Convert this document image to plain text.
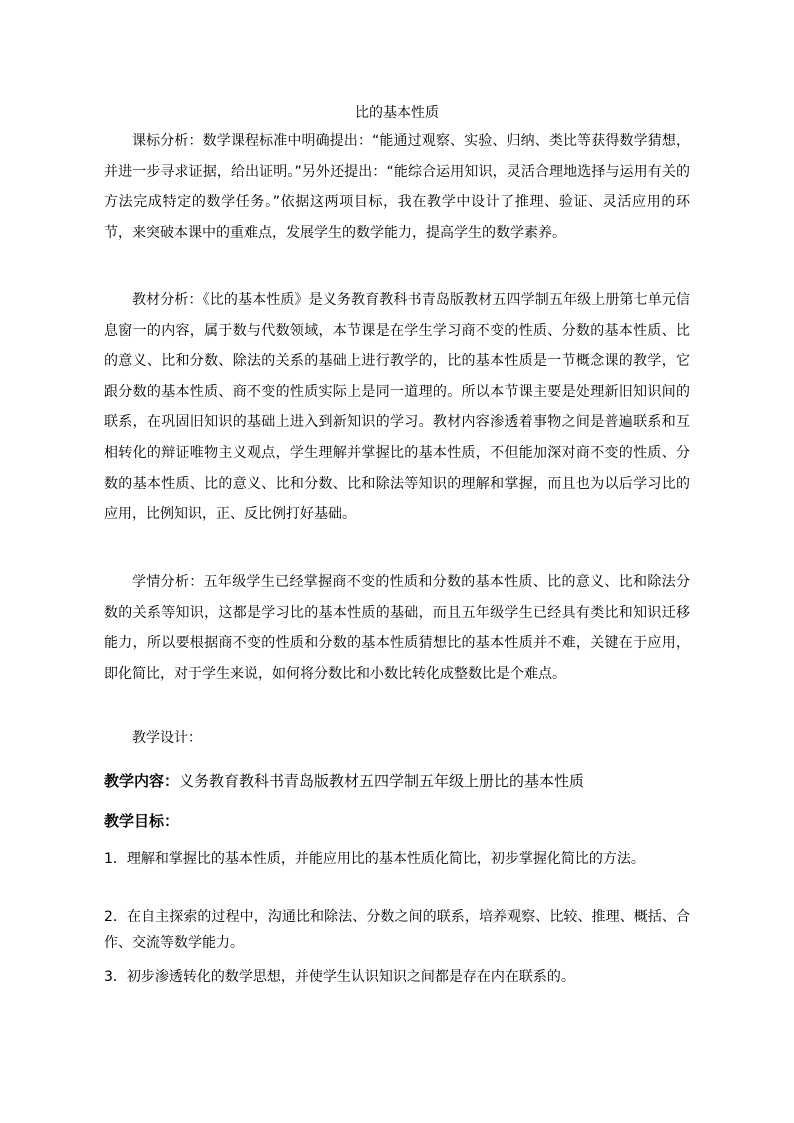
比的基本性质
课标分析：数学课程标准中明确提出：“能通过观察、实验、归纳、类比等获得数学猜想，并进一步寻求证据，给出证明。”另外还提出：“能综合运用知识，灵活合理地选择与运用有关的方法完成特定的数学任务。”依据这两项目标，我在教学中设计了推理、验证、灵活应用的环节，来突破本课中的重难点，发展学生的数学能力，提高学生的数学素养。
教材分析：《比的基本性质》是义务教育教科书青岛版教材五四学制五年级上册第七单元信息窗一的内容，属于数与代数领域，本节课是在学生学习商不变的性质、分数的基本性质、比的意义、比和分数、除法的关系的基础上进行教学的，比的基本性质是一节概念课的教学，它跟分数的基本性质、商不变的性质实际上是同一道理的。所以本节课主要是处理新旧知识间的联系，在巩固旧知识的基础上进入到新知识的学习。教材内容渗透着事物之间是普遍联系和互相转化的辩证唯物主义观点，学生理解并掌握比的基本性质，不但能加深对商不变的性质、分数的基本性质、比的意义、比和分数、比和除法等知识的理解和掌握，而且也为以后学习比的应用，比例知识，正、反比例打好基础。
学情分析：五年级学生已经掌握商不变的性质和分数的基本性质、比的意义、比和除法分数的关系等知识，这都是学习比的基本性质的基础，而且五年级学生已经具有类比和知识迁移能力，所以要根据商不变的性质和分数的基本性质猜想比的基本性质并不难，关键在于应用，即化简比，对于学生来说，如何将分数比和小数比转化成整数比是个难点。
教学设计：
教学内容：义务教育教科书青岛版教材五四学制五年级上册比的基本性质
教学目标：
1．理解和掌握比的基本性质，并能应用比的基本性质化简比，初步掌握化简比的方法。
2．在自主探索的过程中，沟通比和除法、分数之间的联系，培养观察、比较、推理、概括、合作、交流等数学能力。
3．初步渗透转化的数学思想，并使学生认识知识之间都是存在内在联系的。
